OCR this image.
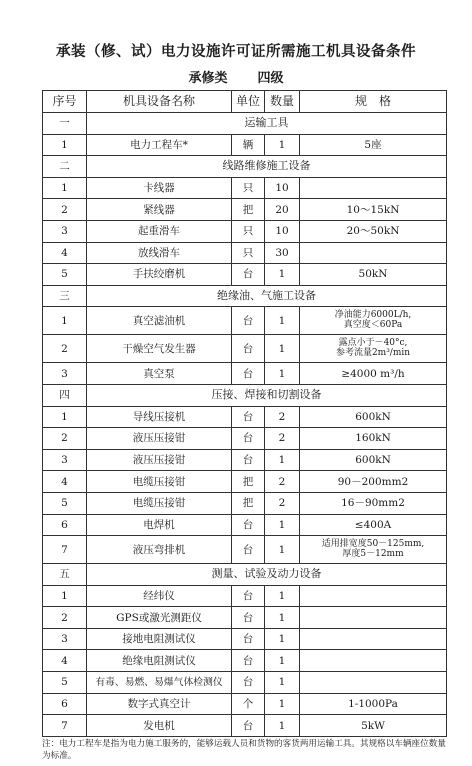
承装（修、试）电力设施许可证所需施工机具设备条件
承修类 四级
序号	机具设备名称	单位	数量	规　格
一	运输工具			
1	电力工程车*	辆	1	5座
二	线路维修施工设备			
1	卡线器	只	10	
2	紧线器	把	20	10～15kN
3	起重滑车	只	10	20～50kN
4	放线滑车	只	30	
5	手扶绞磨机	台	1	50kN
三	绝缘油、气施工设备			
1	真空滤油机	台	1	净油能力6000L/h,
真空度＜60Pa
2	干燥空气发生器	台	1	露点小于－40°c,
参考流量2m³/min
3	真空泵	台	1	≥4000 m³/h
四	压接、焊接和切割设备			
1	导线压接机	台	2	600kN
2	液压压接钳	台	2	160kN
3	液压压接钳	台	1	600kN
4	电缆压接钳	把	2	90－200mm2
5	电缆压接钳	把	2	16－90mm2
6	电焊机	台	1	≤400A
7	液压弯排机	台	1	适用排宽度50－125mm,
厚度5－12mm
五	测量、试验及动力设备			
1	经纬仪	台	1	
2	GPS或激光测距仪	台	1	
3	接地电阻测试仪	台	1	
4	绝缘电阻测试仪	台	1	
5	有毒、易燃、易爆气体检测仪	台	1	
6	数字式真空计	个	1	1-1000Pa
7	发电机	台	1	5kW
注：电力工程车是指为电力施工服务的，能够运载人员和货物的客货两用运输工具。其规格以车辆座位数量为标准。
